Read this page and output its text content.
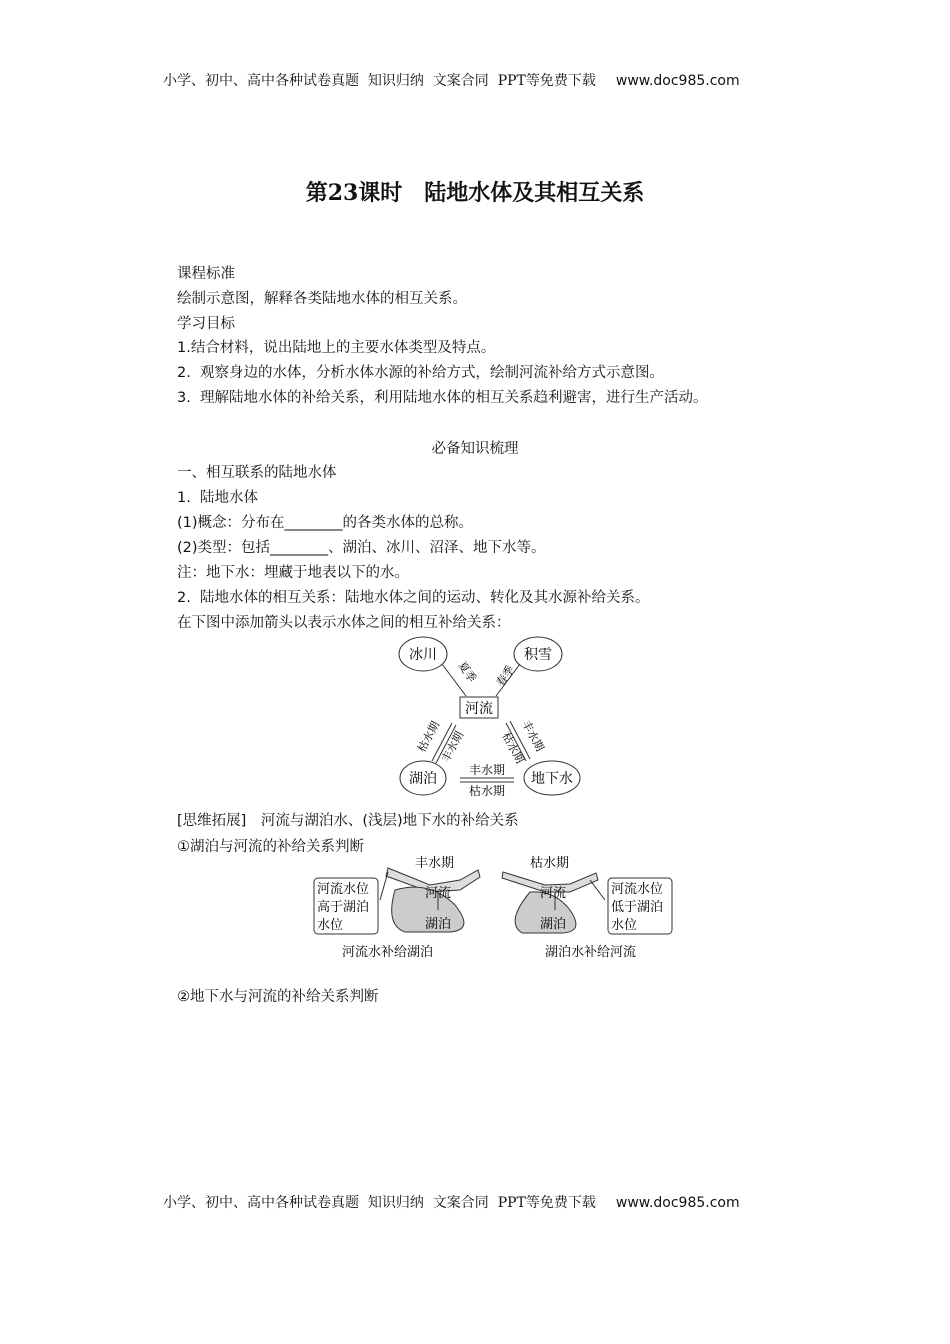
小学、初中、高中各种试卷真题  知识归纳  文案合同  PPT等免费下载 www.doc985.com
第23课时　陆地水体及其相互关系
课程标准
绘制示意图，解释各类陆地水体的相互关系。
学习目标
1.结合材料，说出陆地上的主要水体类型及特点。
2.  观察身边的水体，分析水体水源的补给方式，绘制河流补给方式示意图。
3.  理解陆地水体的补给关系，利用陆地水体的相互关系趋利避害，进行生产活动。
必备知识梳理
一、相互联系的陆地水体
1.  陆地水体
(1)概念：分布在________的各类水体的总称。
(2)类型：包括________、湖泊、冰川、沼泽、地下水等。
注：地下水：埋藏于地表以下的水。
2.  陆地水体的相互关系：陆地水体之间的运动、转化及其水源补给关系。
在下图中添加箭头以表示水体之间的相互补给关系：
冰川	积雪
河流
湖泊	地下水
夏季 春季
枯水期
丰水期	枯水期
丰水期
丰水期
枯水期
[思维拓展]　河流与湖泊水、(浅层)地下水的补给关系
①湖泊与河流的补给关系判断
丰水期
河流
湖泊
河流水位
高于湖泊
水位
河流水补给湖泊
枯水期
河流
湖泊
河流水位
低于湖泊
水位
湖泊水补给河流
②地下水与河流的补给关系判断
小学、初中、高中各种试卷真题  知识归纳  文案合同  PPT等免费下载 www.doc985.com
